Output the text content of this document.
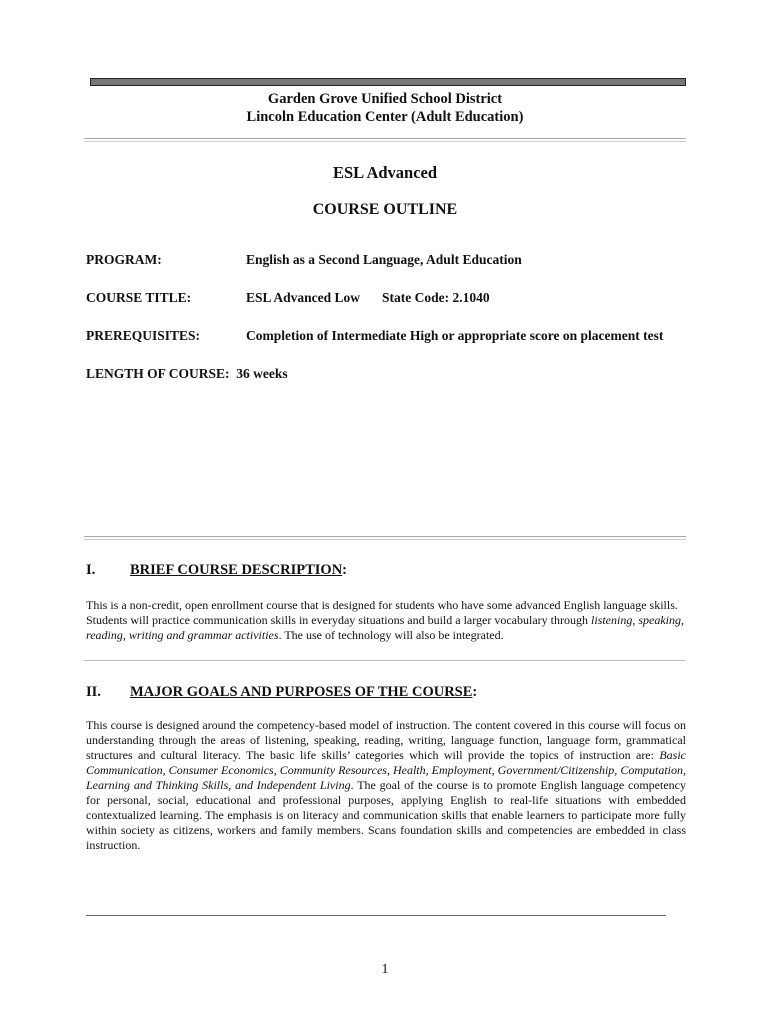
Garden Grove Unified School District
Lincoln Education Center (Adult Education)
ESL Advanced
COURSE OUTLINE
PROGRAM:	English as a Second Language, Adult Education
COURSE TITLE:	ESL Advanced Low State Code: 2.1040
PREREQUISITES:	Completion of Intermediate High or appropriate score on placement test
LENGTH OF COURSE: 36 weeks
I. BRIEF COURSE DESCRIPTION:
This is a non-credit, open enrollment course that is designed for students who have some advanced English language skills. Students will practice communication skills in everyday situations and build a larger vocabulary through listening, speaking, reading, writing and grammar activities. The use of technology will also be integrated.
II. MAJOR GOALS AND PURPOSES OF THE COURSE:
This course is designed around the competency-based model of instruction. The content covered in this course will focus on understanding through the areas of listening, speaking, reading, writing, language function, language form, grammatical structures and cultural literacy. The basic life skills’ categories which will provide the topics of instruction are: Basic Communication, Consumer Economics, Community Resources, Health, Employment, Government/Citizenship, Computation, Learning and Thinking Skills, and Independent Living. The goal of the course is to promote English language competency for personal, social, educational and professional purposes, applying English to real-life situations with embedded contextualized learning. The emphasis is on literacy and communication skills that enable learners to participate more fully within society as citizens, workers and family members. Scans foundation skills and competencies are embedded in class instruction.
1
